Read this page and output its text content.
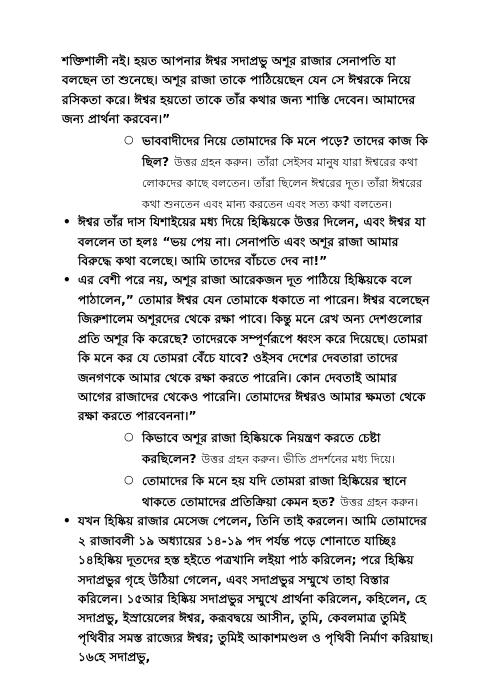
শক্তিশালী নই। হয়ত আপনার ঈশ্বর সদাপ্রভু অশূর রাজার সেনাপতি যা বলছেন তা শুনেছে। অশূর রাজা তাকে পাঠিয়েছেন যেন সে ঈশ্বরকে নিয়ে রসিকতা করে। ঈশ্বর হয়তো তাকে তাঁর কথার জন্য শাস্তি দেবেন। আমাদের জন্য প্রার্থনা করবেন।”

○ ভাববাদীদের নিয়ে তোমাদের কি মনে পড়ে? তাদের কাজ কি ছিল? উত্তর গ্রহন করুন। তাঁরা সেইসব মানুষ যারা ঈশ্বরের কথা লোকদের কাছে বলতেন। তাঁরা ছিলেন ঈশ্বরের দূত। তাঁরা ঈশ্বরের কথা শুনতেন এবং মান্য করতেন এবং সত্য কথা বলতেন।
• ঈশ্বর তাঁর দাস যিশাইয়ের মধ্য দিয়ে হিষ্কিয়কে উত্তর দিলেন, এবং ঈশ্বর যা বললেন তা হলঃ “ভয় পেয় না। সেনাপতি এবং অশূর রাজা আমার বিরুদ্ধে কথা বলেছে। আমি তাদের বাঁচতে দেব না!”
• এর বেশী পরে নয়, অশূর রাজা আরেকজন দূত পাঠিয়ে হিষ্কিয়কে বলে পাঠালেন,” তোমার ঈশ্বর যেন তোমাকে ধকাতে না পারেন। ঈশ্বর বলেছেন জিরুশালেম অশূরদের থেকে রক্ষা পাবে। কিন্তু মনে রেখ অন্য দেশগুলোর প্রতি অশূর কি করেছে? তাদেরকে সম্পূর্ণরূপে ধ্বংস করে দিয়েছে। তোমরা কি মনে কর যে তোমরা বেঁচে যাবে? ওইসব দেশের দেবতারা তাদের জনগণকে আমার থেকে রক্ষা করতে পারেনি। কোন দেবতাই আমার আগের রাজাদের থেকেও পারেনি। তোমাদের ঈশ্বরও আমার ক্ষমতা থেকে রক্ষা করতে পারবেননা।”
○ কিভাবে অশূর রাজা হিষ্কিয়কে নিয়ন্ত্রণ করতে চেষ্টা করছিলেন? উত্তর গ্রহন করুন। ভীতি প্রদর্শনের মধ্য দিয়ে।
○ তোমাদের কি মনে হয় যদি তোমরা রাজা হিষ্কিয়ের স্থানে থাকতে তোমাদের প্রতিক্রিয়া কেমন হত? উত্তর গ্রহন করুন।
• যখন হিষ্কিয় রাজার মেসেজ পেলেন, তিনি তাই করলেন। আমি তোমাদের ২ রাজাবলী ১৯ অধ্যায়ের ১৪-১৯ পদ পর্যন্ত পড়ে শোনাতে যাচ্ছিঃ

১৪হিষ্কিয় দূতদের হস্ত হইতে পত্রখানি লইয়া পাঠ করিলেন; পরে হিষ্কিয় সদাপ্রভুর গৃহে উঠিয়া গেলেন, এবং সদাপ্রভুর সম্মুখে তাহা বিস্তার করিলেন। ১৫আর হিষ্কিয় সদাপ্রভুর সম্মুখে প্রার্থনা করিলেন, কহিলেন, হে সদাপ্রভু, ইস্রায়েলের ঈশ্বর, করূবদ্বয়ে আসীন, তুমি, কেবলমাত্র তুমিই পৃথিবীর সমস্ত রাজ্যের ঈশ্বর; তুমিই আকাশমণ্ডল ও পৃথিবী নির্মাণ করিয়াছ। ১৬হে সদাপ্রভু,
